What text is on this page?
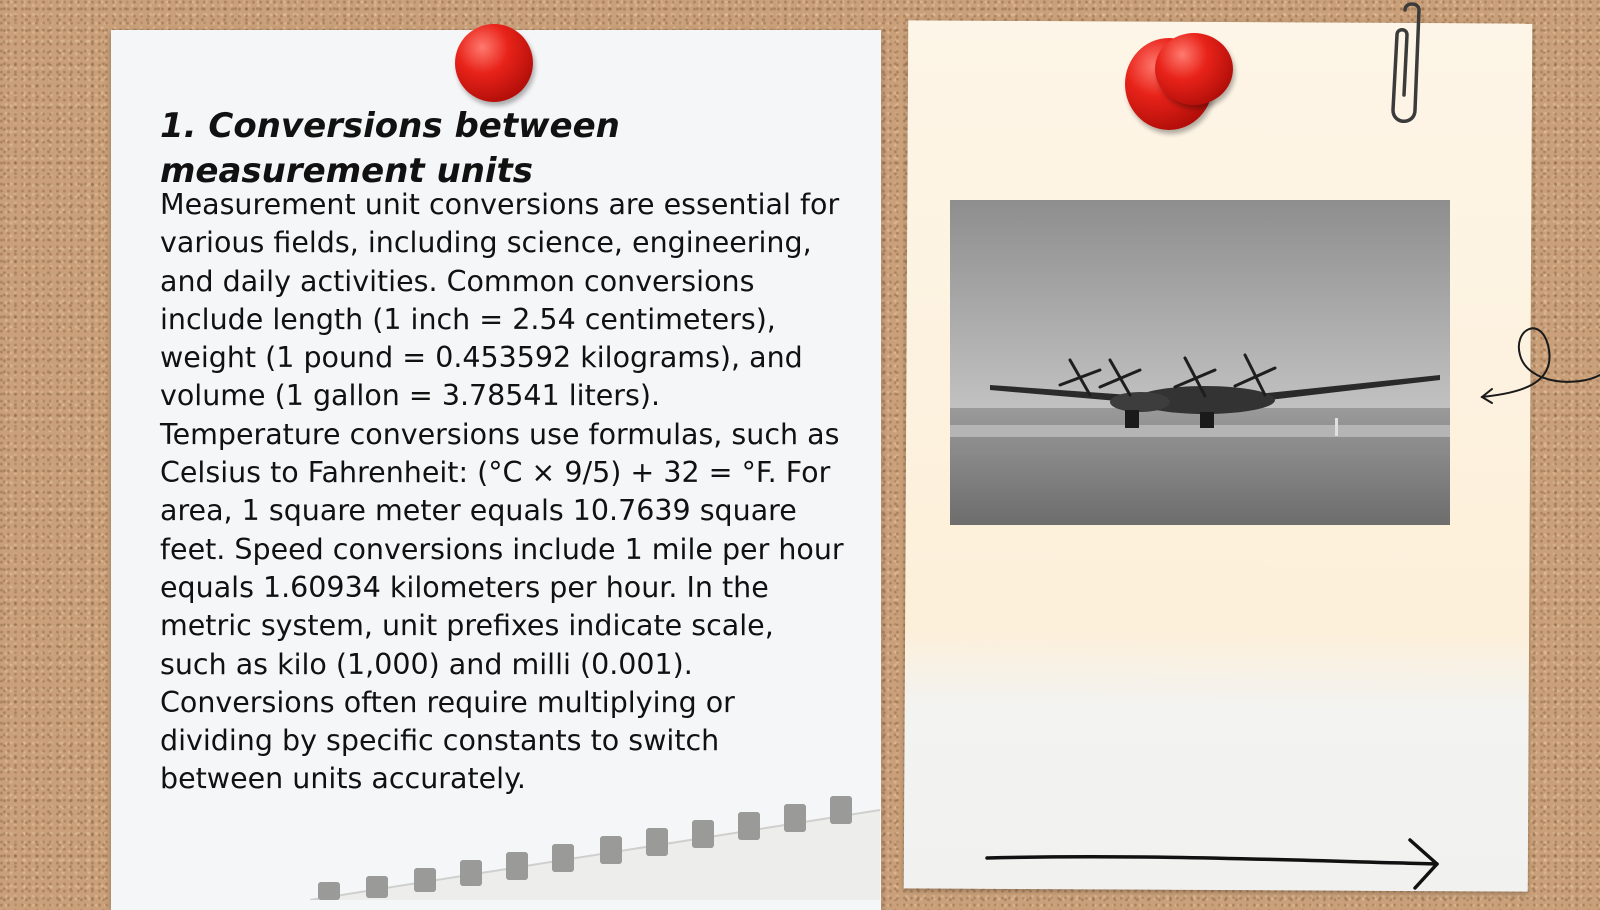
1. Conversions between measurement units

Measurement unit conversions are essential for various fields, including science, engineering, and daily activities. Common conversions include length (1 inch = 2.54 centimeters), weight (1 pound = 0.453592 kilograms), and volume (1 gallon = 3.78541 liters). Temperature conversions use formulas, such as Celsius to Fahrenheit: (°C × 9/5) + 32 = °F. For area, 1 square meter equals 10.7639 square feet. Speed conversions include 1 mile per hour equals 1.60934 kilometers per hour. In the metric system, unit prefixes indicate scale, such as kilo (1,000) and milli (0.001). Conversions often require multiplying or dividing by specific constants to switch between units accurately.
